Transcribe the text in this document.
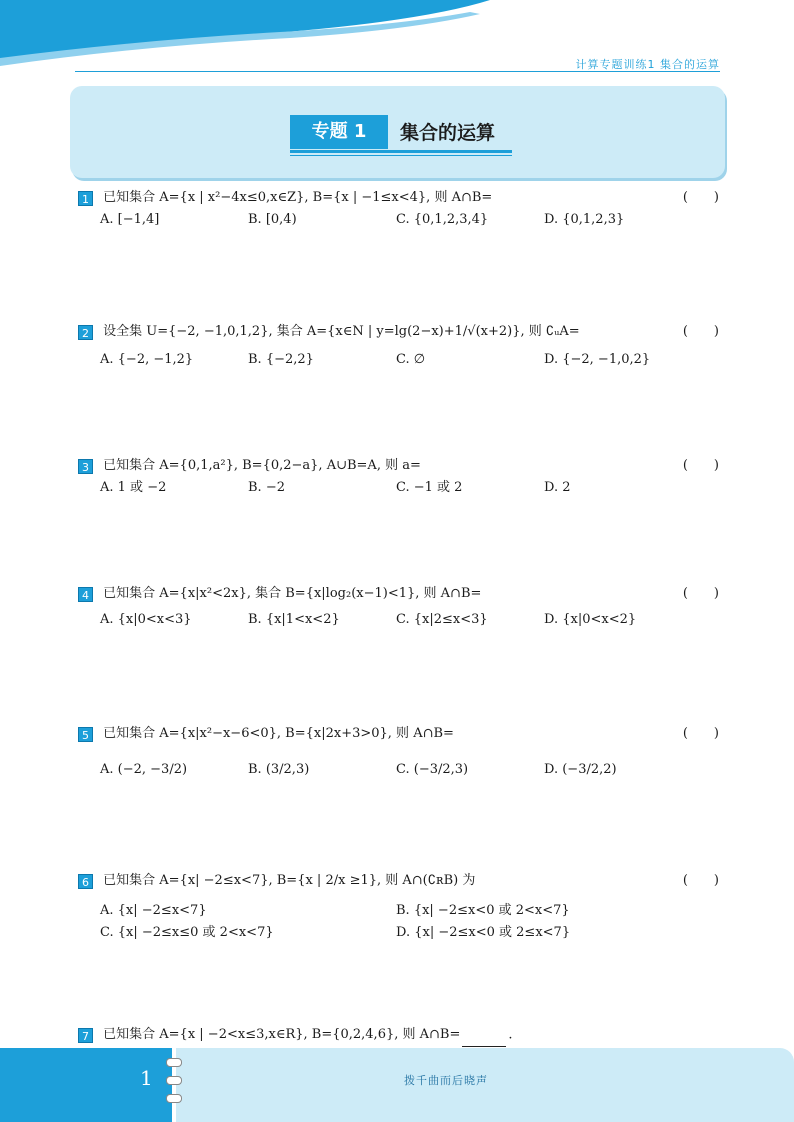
计算专题训练1 集合的运算
专题 1	集合的运算
1 已知集合 A={x | x²−4x≤0,x∈Z}, B={x | −1≤x<4}, 则 A∩B=	(　　)
A. [−1,4]	B. [0,4)	C. {0,1,2,3,4}	D. {0,1,2,3}
2 设全集 U={−2, −1,0,1,2}, 集合 A={x∈N | y=lg(2−x)+1/√(x+2)}, 则 ∁ᵤA=	(　　)
A. {−2, −1,2}	B. {−2,2}	C. ∅	D. {−2, −1,0,2}
3 已知集合 A={0,1,a²}, B={0,2−a}, A∪B=A, 则 a=	(　　)
A. 1 或 −2	B. −2	C. −1 或 2	D. 2
4 已知集合 A={x|x²<2x}, 集合 B={x|log₂(x−1)<1}, 则 A∩B=	(　　)
A. {x|0<x<3}	B. {x|1<x<2}	C. {x|2≤x<3}	D. {x|0<x<2}
5 已知集合 A={x|x²−x−6<0}, B={x|2x+3>0}, 则 A∩B=	(　　)
A. (−2, −3/2)	B. (3/2,3)	C. (−3/2,3)	D. (−3/2,2)
6 已知集合 A={x| −2≤x<7}, B={x | 2/x ≥1}, 则 A∩(∁ʀB) 为	(　　)
A. {x| −2≤x<7}	B. {x| −2≤x<0 或 2<x<7}
C. {x| −2≤x≤0 或 2<x<7}	D. {x| −2≤x<0 或 2≤x<7}
7 已知集合 A={x | −2<x≤3,x∈R}, B={0,2,4,6}, 则 A∩B=	.
1	拨千曲而后晓声
